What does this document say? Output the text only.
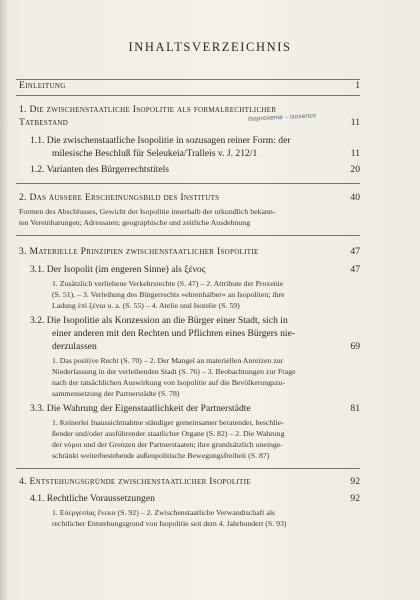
INHALTSVERZEICHNIS
Einleitung	1
1. Die zwischenstaatliche Isopolitie als formalrechtlicher
Tatbestand	11
Isoproxenie – isoxenos
1.1. Die zwischenstaatliche Isopolitie in sozusagen reiner Form: der
milesische Beschluß für Seleukeia/Tralleis v. J. 212/1	11
1.2. Varianten des Bürgerrechtstitels	20
2. Das äussere Erscheinungsbild des Instituts	40
Formen des Abschlusses, Gewicht der Isopolitie innerhalb der urkundlich bekann-
ten Vereinbarungen; Adressaten; geographische und zeitliche Ausdehnung
3. Materielle Prinzipien zwischenstaatlicher Isopolitie	47
3.1. Der Isopolit (im engeren Sinne) als ξένος	47
1. Zusätzlich verliehene Verkehrsrechte (S. 47) – 2. Attribute der Proxenie
(S. 51). – 3. Verleihung des Bürgerrechts »ehrenhalber« an Isopoliten; ihre
Ladung ἐπὶ ξένια u. a. (S. 55) – 4. Atelie und Isotelie (S. 59)
3.2. Die Isopolitie als Konzession an die Bürger einer Stadt, sich in
einer anderen mit den Rechten und Pflichten eines Bürgers nie-
derzulassen	69
1. Das positive Recht (S. 70) – 2. Der Mangel an materiellen Anreizen zur
Niederlassung in der verleihenden Stadt (S. 76) – 3. Beobachtungen zur Frage
nach der tatsächlichen Auswirkung von Isopolitie auf die Bevölkerungszu-
sammensetzung der Partnerstädte (S. 78)
3.3. Die Wahrung der Eigenstaatlichkeit der Partnerstädte	81
1. Keinerlei Inaussichtnahme ständiger gemeinsamer beratender, beschlie-
ßender und/oder ausführender staatlicher Organe (S. 82) – 2. Die Wahrung
der νόμοι und der Grenzen der Partnerstaaten; ihre grundsätzlich uneinge-
schränkt weiterbestehende außenpolitische Bewegungsfreiheit (S. 87)
4. Entstehungsgründe zwischenstaatlicher Isopolitie	92
4.1. Rechtliche Voraussetzungen	92
1. Εὐεργεσίας ἕνεκα (S. 92) – 2. Zwischenstaatliche Verwandtschaft als
rechtlicher Entstehungsgrund von Isopolitie seit dem 4. Jahrhundert (S. 93)
